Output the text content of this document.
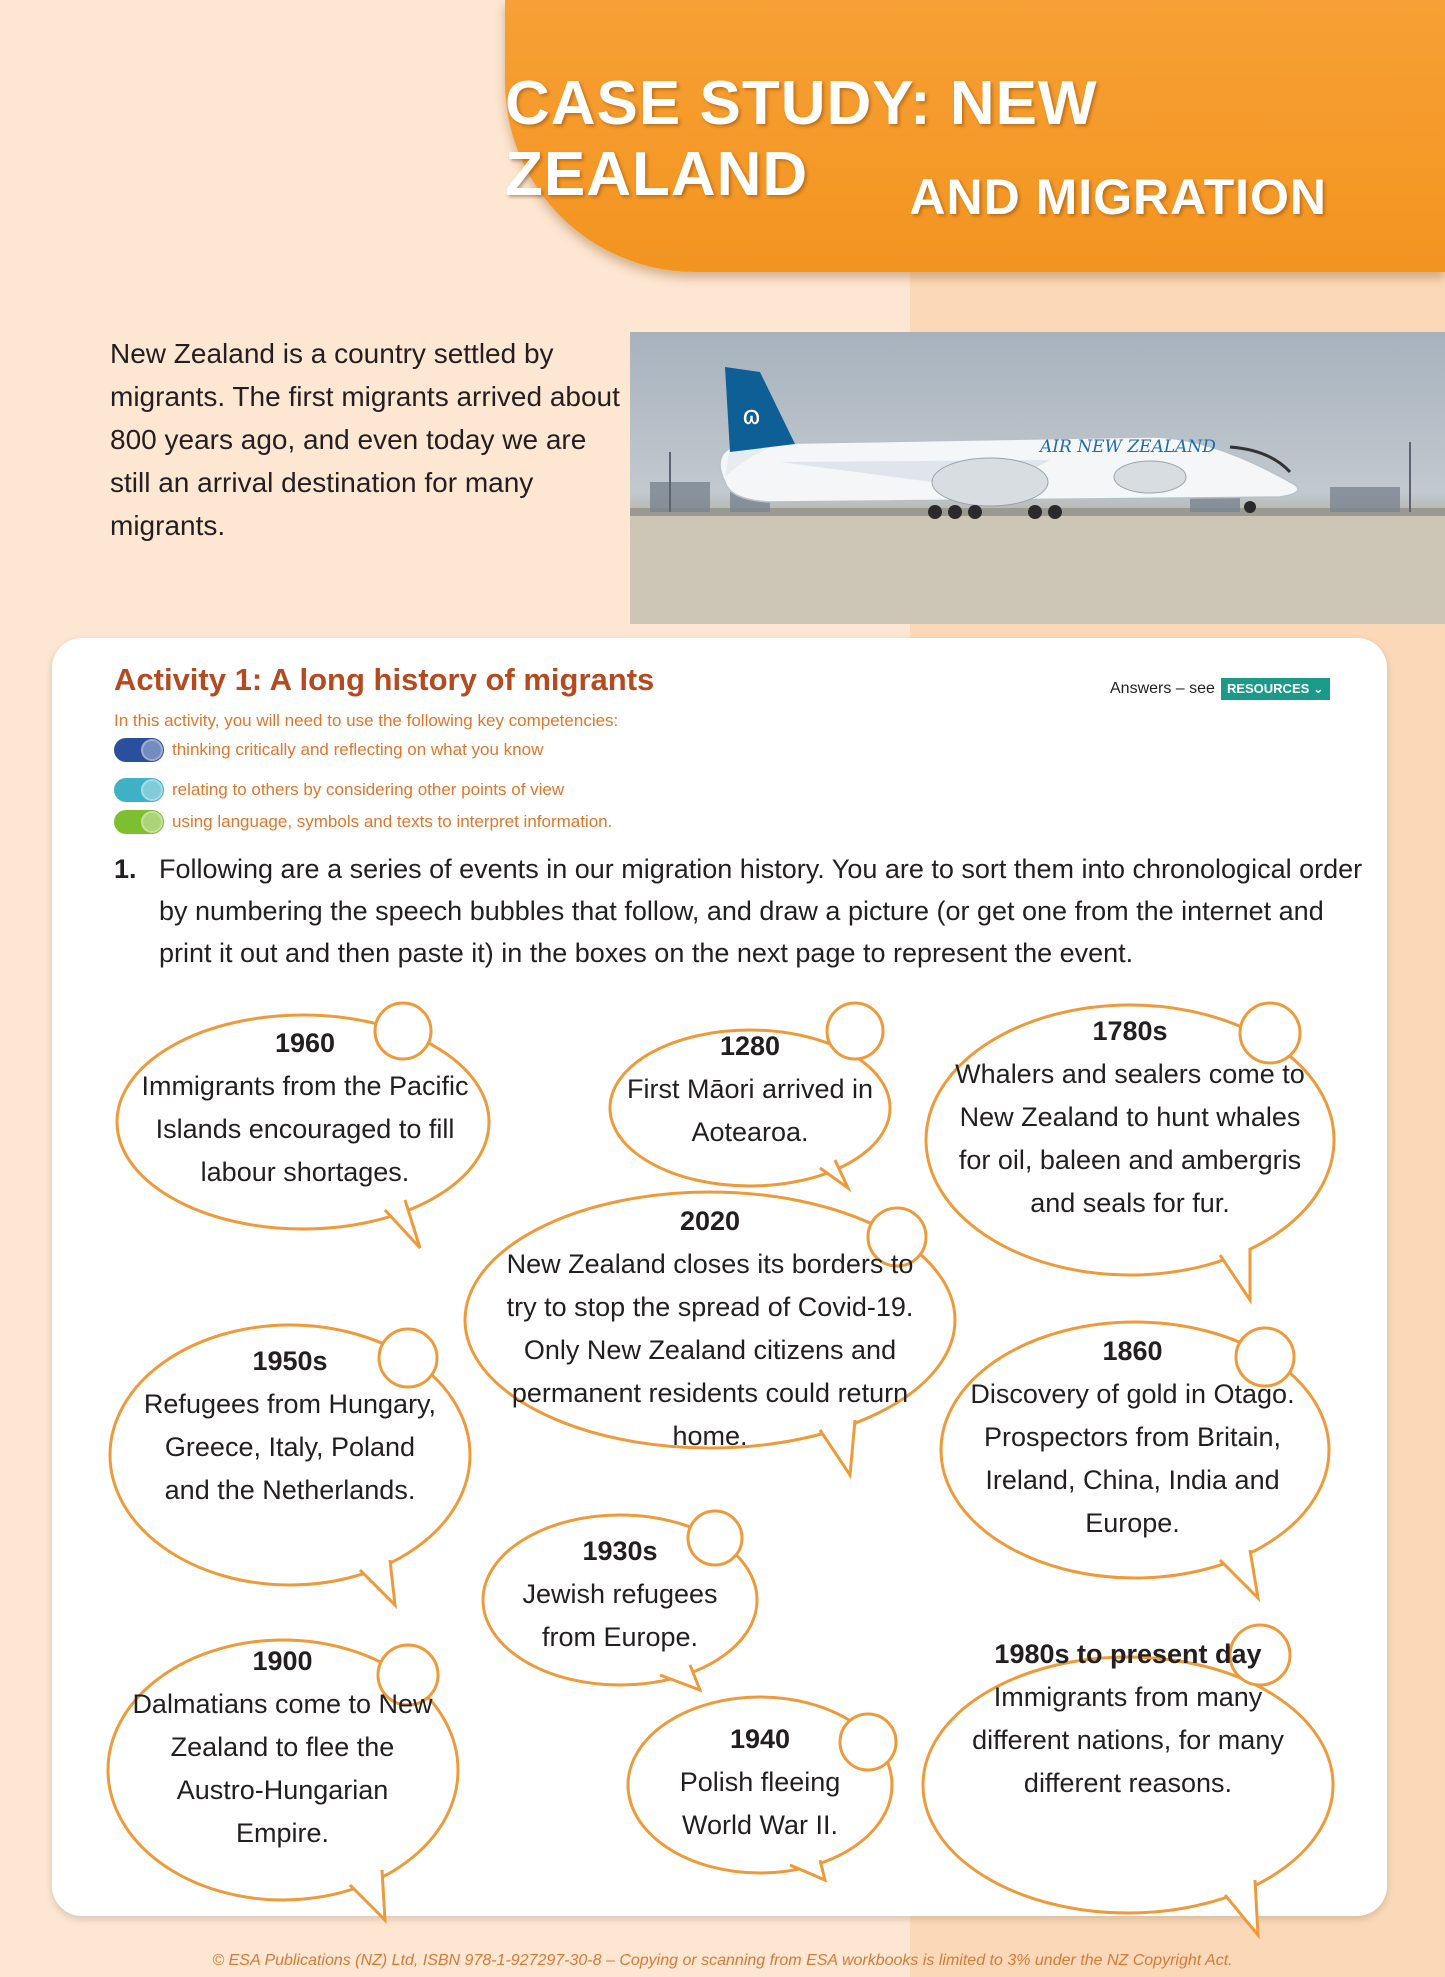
CASE STUDY: NEW ZEALAND	AND MIGRATION

New Zealand is a country settled by migrants. The first migrants arrived about 800 years ago, and even today we are still an arrival destination for many migrants.

ɷ
AIR NEW ZEALAND
Activity 1: A long history of migrants	Answers – see RESOURCES ⌄

In this activity, you will need to use the following key competencies:

thinking critically and reflecting on what you know
relating to others by considering other points of view
using language, symbols and texts to interpret information.
1. Following are a series of events in our migration history. You are to sort them into chronological order by numbering the speech bubbles that follow, and draw a picture (or get one from the internet and print it out and then paste it) in the boxes on the next page to represent the event.

1960
Immigrants from the Pacific Islands encouraged to fill labour shortages.
1280
First Māori arrived in Aotearoa.
1780s
Whalers and sealers come to New Zealand to hunt whales for oil, baleen and ambergris and seals for fur.
2020
New Zealand closes its borders to try to stop the spread of Covid-19. Only New Zealand citizens and permanent residents could return home.
1950s
Refugees from Hungary, Greece, Italy, Poland and the Netherlands.
1860
Discovery of gold in Otago. Prospectors from Britain, Ireland, China, India and Europe.
1930s
Jewish refugees from Europe.
1900
Dalmatians come to New Zealand to flee the Austro-Hungarian Empire.
1940
Polish fleeing World War II.
1980s to present day
Immigrants from many different nations, for many different reasons.

© ESA Publications (NZ) Ltd, ISBN 978-1-927297-30-8 – Copying or scanning from ESA workbooks is limited to 3% under the NZ Copyright Act.
